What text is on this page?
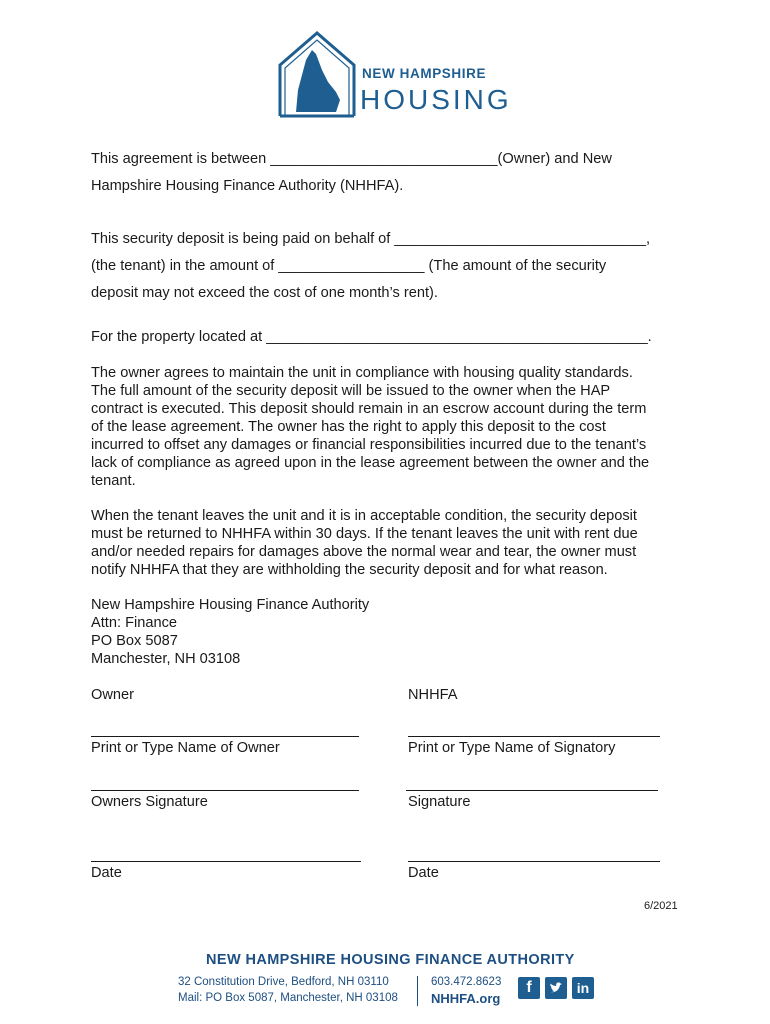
NEW HAMPSHIRE
HOUSING
This agreement is between ____________________________(Owner) and New
Hampshire Housing Finance Authority (NHHFA).
This security deposit is being paid on behalf of _______________________________,
(the tenant) in the amount of __________________ (The amount of the security
deposit may not exceed the cost of one month’s rent).
For the property located at _______________________________________________.
The owner agrees to maintain the unit in compliance with housing quality standards.
The full amount of the security deposit will be issued to the owner when the HAP
contract is executed. This deposit should remain in an escrow account during the term
of the lease agreement. The owner has the right to apply this deposit to the cost
incurred to offset any damages or financial responsibilities incurred due to the tenant’s
lack of compliance as agreed upon in the lease agreement between the owner and the
tenant.
When the tenant leaves the unit and it is in acceptable condition, the security deposit
must be returned to NHHFA within 30 days. If the tenant leaves the unit with rent due
and/or needed repairs for damages above the normal wear and tear, the owner must
notify NHHFA that they are withholding the security deposit and for what reason.
New Hampshire Housing Finance Authority
Attn: Finance
PO Box 5087
Manchester, NH 03108
Owner	NHHFA
Print or Type Name of Owner	Print or Type Name of Signatory
Owners Signature	Signature
Date	Date
6/2021
NEW HAMPSHIRE HOUSING FINANCE AUTHORITY
32 Constitution Drive, Bedford, NH 03110
Mail: PO Box 5087, Manchester, NH 03108
603.472.8623
NHHFA.org
f	in
